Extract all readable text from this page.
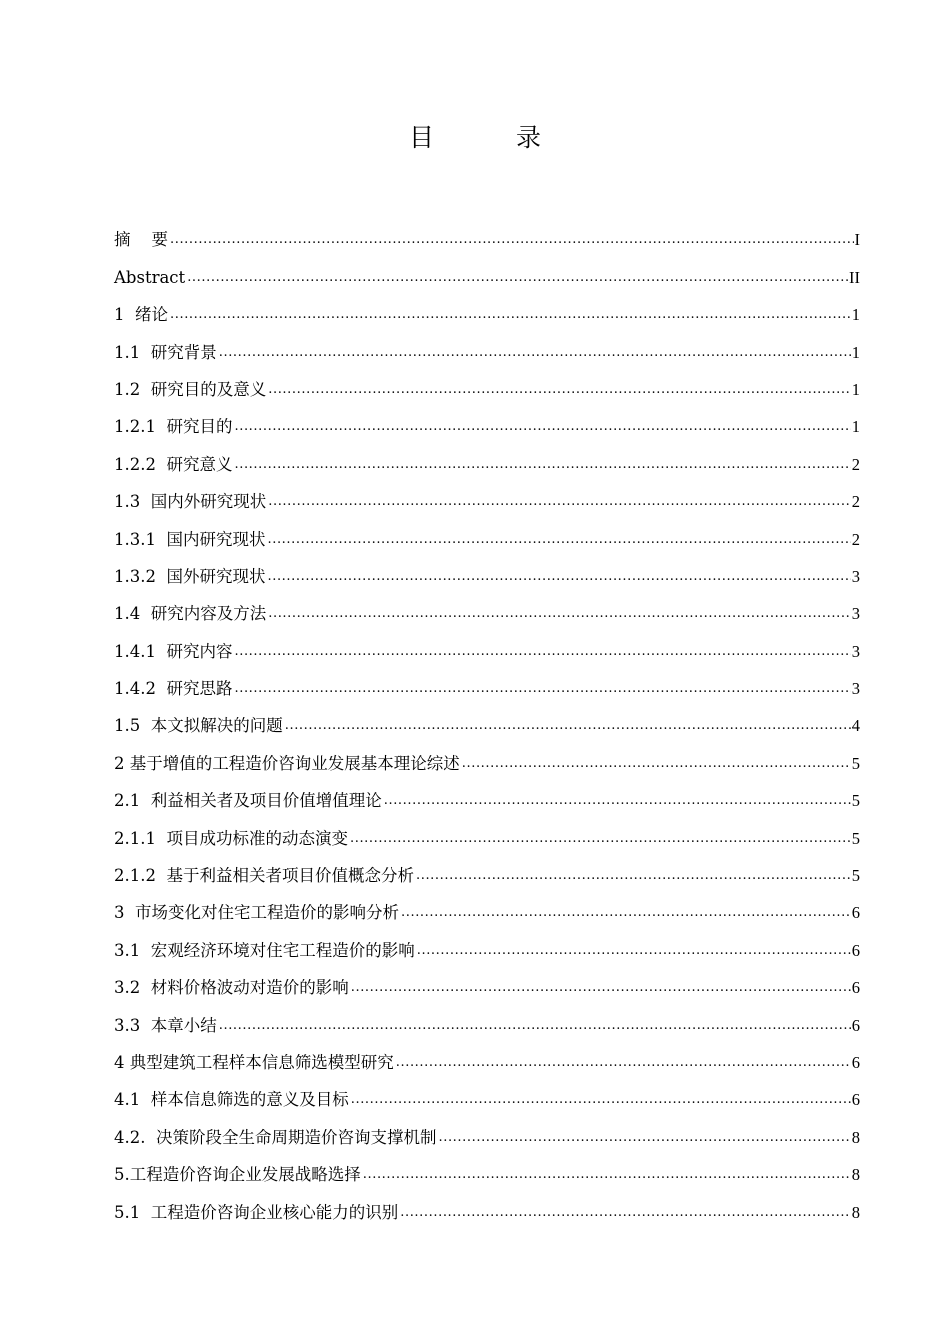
目  录
摘    要 .....	I
Abstract .....	II
1  绪论 .....	1
1.1  研究背景 .....	1
1.2  研究目的及意义 .....	1
1.2.1  研究目的 .....	1
1.2.2  研究意义 .....	2
1.3  国内外研究现状 .....	2
1.3.1  国内研究现状 .....	2
1.3.2  国外研究现状 .....	3
1.4  研究内容及方法 .....	3
1.4.1  研究内容 .....	3
1.4.2  研究思路 .....	3
1.5  本文拟解决的问题 .....	4
2 基于增值的工程造价咨询业发展基本理论综述 .....	5
2.1  利益相关者及项目价值增值理论 .....	5
2.1.1  项目成功标准的动态演变 .....	5
2.1.2  基于利益相关者项目价值概念分析 .....	5
3  市场变化对住宅工程造价的影响分析 .....	6
3.1  宏观经济环境对住宅工程造价的影响 .....	6
3.2  材料价格波动对造价的影响 .....	6
3.3  本章小结 .....	6
4 典型建筑工程样本信息筛选模型研究 .....	6
4.1  样本信息筛选的意义及目标 .....	6
4.2.  决策阶段全生命周期造价咨询支撑机制 .....	8
5.工程造价咨询企业发展战略选择 .....	8
5.1  工程造价咨询企业核心能力的识别 .....	8
